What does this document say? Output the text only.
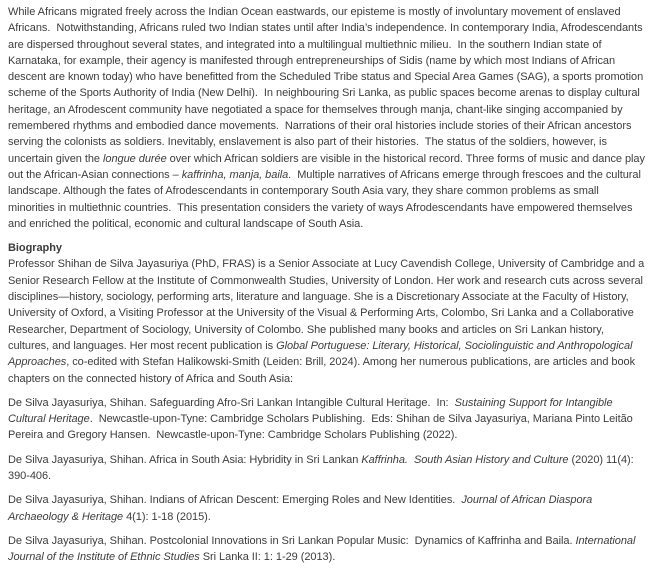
While Africans migrated freely across the Indian Ocean eastwards, our episteme is mostly of involuntary movement of enslaved Africans.  Notwithstanding, Africans ruled two Indian states until after India’s independence. In contemporary India, Afrodescendants are dispersed throughout several states, and integrated into a multilingual multiethnic milieu.  In the southern Indian state of Karnataka, for example, their agency is manifested through entrepreneurships of Sidis (name by which most Indians of African descent are known today) who have benefitted from the Scheduled Tribe status and Special Area Games (SAG), a sports promotion scheme of the Sports Authority of India (New Delhi).  In neighbouring Sri Lanka, as public spaces become arenas to display cultural heritage, an Afrodescent community have negotiated a space for themselves through manja, chant-like singing accompanied by remembered rhythms and embodied dance movements.  Narrations of their oral histories include stories of their African ancestors serving the colonists as soldiers. Inevitably, enslavement is also part of their histories.  The status of the soldiers, however, is uncertain given the longue durée over which African soldiers are visible in the historical record. Three forms of music and dance play out the African-Asian connections – kaffrinha, manja, baila.  Multiple narratives of Africans emerge through frescoes and the cultural landscape. Although the fates of Afrodescendants in contemporary South Asia vary, they share common problems as small minorities in multiethnic countries.  This presentation considers the variety of ways Afrodescendants have empowered themselves and enriched the political, economic and cultural landscape of South Asia.

Biography

Professor Shihan de Silva Jayasuriya (PhD, FRAS) is a Senior Associate at Lucy Cavendish College, University of Cambridge and a Senior Research Fellow at the Institute of Commonwealth Studies, University of London. Her work and research cuts across several disciplines—history, sociology, performing arts, literature and language. She is a Discretionary Associate at the Faculty of History, University of Oxford, a Visiting Professor at the University of the Visual & Performing Arts, Colombo, Sri Lanka and a Collaborative Researcher, Department of Sociology, University of Colombo. She published many books and articles on Sri Lankan history, cultures, and languages. Her most recent publication is Global Portuguese: Literary, Historical, Sociolinguistic and Anthropological Approaches, co-edited with Stefan Halikowski-Smith (Leiden: Brill, 2024). Among her numerous publications, are articles and book chapters on the connected history of Africa and South Asia:

De Silva Jayasuriya, Shihan. Safeguarding Afro-Sri Lankan Intangible Cultural Heritage.  In:  Sustaining Support for Intangible Cultural Heritage.  Newcastle-upon-Tyne: Cambridge Scholars Publishing.  Eds: Shihan de Silva Jayasuriya, Mariana Pinto Leitão Pereira and Gregory Hansen.  Newcastle-upon-Tyne: Cambridge Scholars Publishing (2022).

De Silva Jayasuriya, Shihan. Africa in South Asia: Hybridity in Sri Lankan Kaffrinha. South Asian History and Culture (2020) 11(4): 390-406.

De Silva Jayasuriya, Shihan. Indians of African Descent: Emerging Roles and New Identities.  Journal of African Diaspora Archaeology & Heritage 4(1): 1-18 (2015).

De Silva Jayasuriya, Shihan. Postcolonial Innovations in Sri Lankan Popular Music:  Dynamics of Kaffrinha and Baila. International Journal of the Institute of Ethnic Studies Sri Lanka II: 1: 1-29 (2013).
